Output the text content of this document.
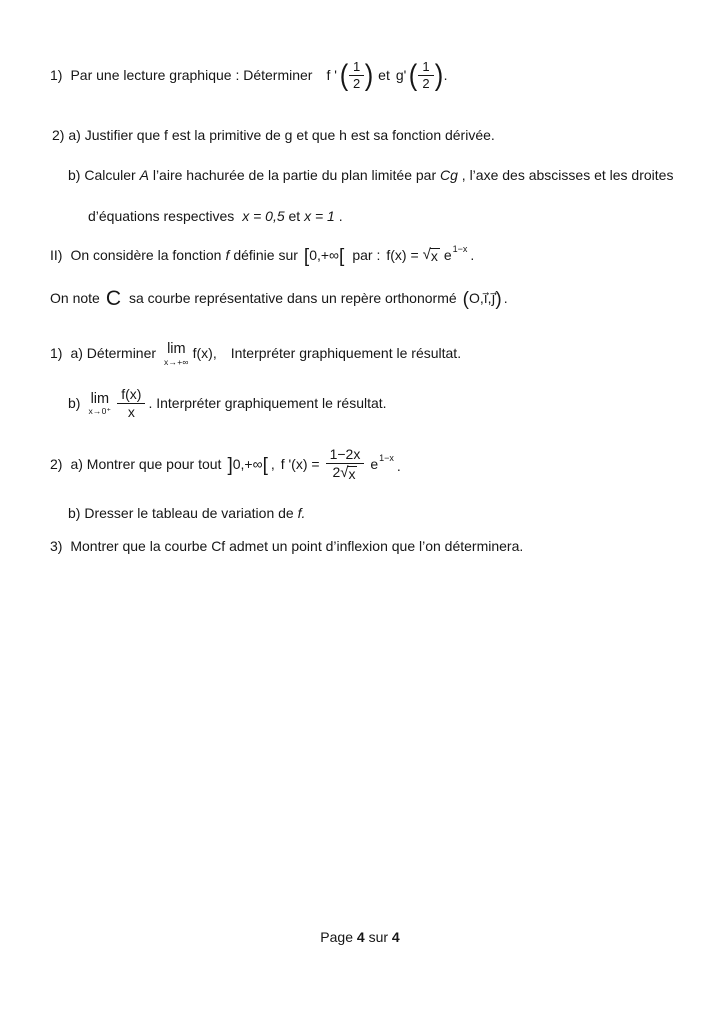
1) Par une lecture graphique : Déterminer f ' ( $\frac{1}{2}$ ) et g' ( $\frac{1}{2}$ ) .
2) a) Justifier que f est la primitive de g et que h est sa fonction dérivée.
b) Calculer A l’aire hachurée de la partie du plan limitée par Cg , l’axe des abscisses et les droites
d’équations respectives x = 0,5 et x = 1 .
II) On considère la fonction f définie sur [ 0,+∞ [ par : f(x) = √ x e 1−x .
On note C sa courbe représentative dans un repère orthonormé ( O,i⃗,j⃗ ) .
1) a) Déterminer lim
x→+∞
f(x), Interpréter graphiquement le résultat.
b) lim
$x\to 0^+ \frac{f(x)}{x}$ . Interpréter graphiquement le résultat.
2) a) Montrer que pour tout ] 0,+∞ [ , f '$(x) = \frac{1-2x}{2 √ x}$ e 1−x .
b) Dresser le tableau de variation de f.
3) Montrer que la courbe Cf admet un point d’inflexion que l’on déterminera.
Page 4 sur 4
